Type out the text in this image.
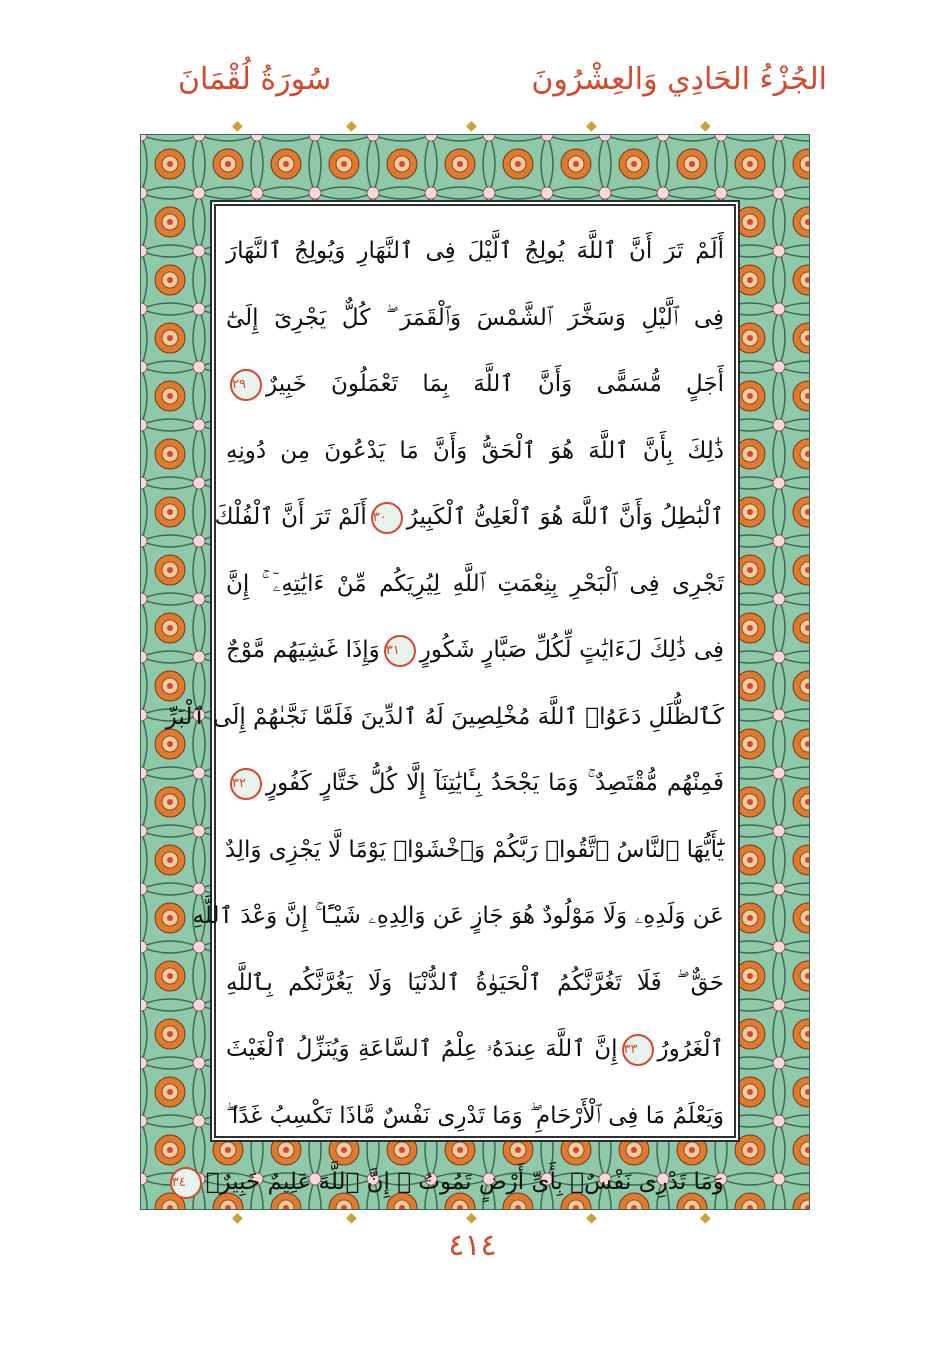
الجُزْءُ الحَادِي وَالعِشْرُونَ
سُورَةُ لُقْمَانَ
◆	◆	◆	◆	◆
◆	◆	◆	◆	◆
أَلَمْ تَرَ أَنَّ ٱللَّهَ يُولِجُ ٱلَّيْلَ فِى ٱلنَّهَارِ وَيُولِجُ ٱلنَّهَارَ
فِى ٱلَّيْلِ وَسَخَّرَ ٱلشَّمْسَ وَٱلْقَمَرَ ۖ كُلٌّ يَجْرِىٓ إِلَىٰٓ
أَجَلٍ مُّسَمًّى وَأَنَّ ٱللَّهَ بِمَا تَعْمَلُونَ خَبِيرٌ٢٩
ذَٰلِكَ بِأَنَّ ٱللَّهَ هُوَ ٱلْحَقُّ وَأَنَّ مَا يَدْعُونَ مِن دُونِهِ
ٱلْبَٰطِلُ وَأَنَّ ٱللَّهَ هُوَ ٱلْعَلِىُّ ٱلْكَبِيرُ٣٠أَلَمْ تَرَ أَنَّ ٱلْفُلْكَ
تَجْرِى فِى ٱلْبَحْرِ بِنِعْمَتِ ٱللَّهِ لِيُرِيَكُم مِّنْ ءَايَٰتِهِۦٓ ۚ إِنَّ
فِى ذَٰلِكَ لَءَايَٰتٍ لِّكُلِّ صَبَّارٍ شَكُورٍ٣١وَإِذَا غَشِيَهُم مَّوْجٌ
كَٱلظُّلَلِ دَعَوُا۟ ٱللَّهَ مُخْلِصِينَ لَهُ ٱلدِّينَ فَلَمَّا نَجَّىٰهُمْ إِلَى ٱلْبَرِّ
فَمِنْهُم مُّقْتَصِدٌ ۚ وَمَا يَجْحَدُ بِـَٔايَٰتِنَآ إِلَّا كُلُّ خَتَّارٍ كَفُورٍ٣٢
يَٰٓأَيُّهَا ٱلنَّاسُ ٱتَّقُوا۟ رَبَّكُمْ وَٱخْشَوْا۟ يَوْمًا لَّا يَجْزِى وَالِدٌ
عَن وَلَدِهِۦ وَلَا مَوْلُودٌ هُوَ جَازٍ عَن وَالِدِهِۦ شَيْـًٔا ۚ إِنَّ وَعْدَ ٱللَّهِ
حَقٌّ ۖ فَلَا تَغُرَّنَّكُمُ ٱلْحَيَوٰةُ ٱلدُّنْيَا وَلَا يَغُرَّنَّكُم بِٱللَّهِ
ٱلْغَرُورُ٣٣إِنَّ ٱللَّهَ عِندَهُۥ عِلْمُ ٱلسَّاعَةِ وَيُنَزِّلُ ٱلْغَيْثَ
وَيَعْلَمُ مَا فِى ٱلْأَرْحَامِ ۖ وَمَا تَدْرِى نَفْسٌ مَّاذَا تَكْسِبُ غَدًا ۖ
وَمَا تَدْرِى نَفْسٌۢ بِأَىِّ أَرْضٍ تَمُوتُ ۚ إِنَّ ٱللَّهَ عَلِيمٌ خَبِيرٌۢ٣٤
٤١٤
